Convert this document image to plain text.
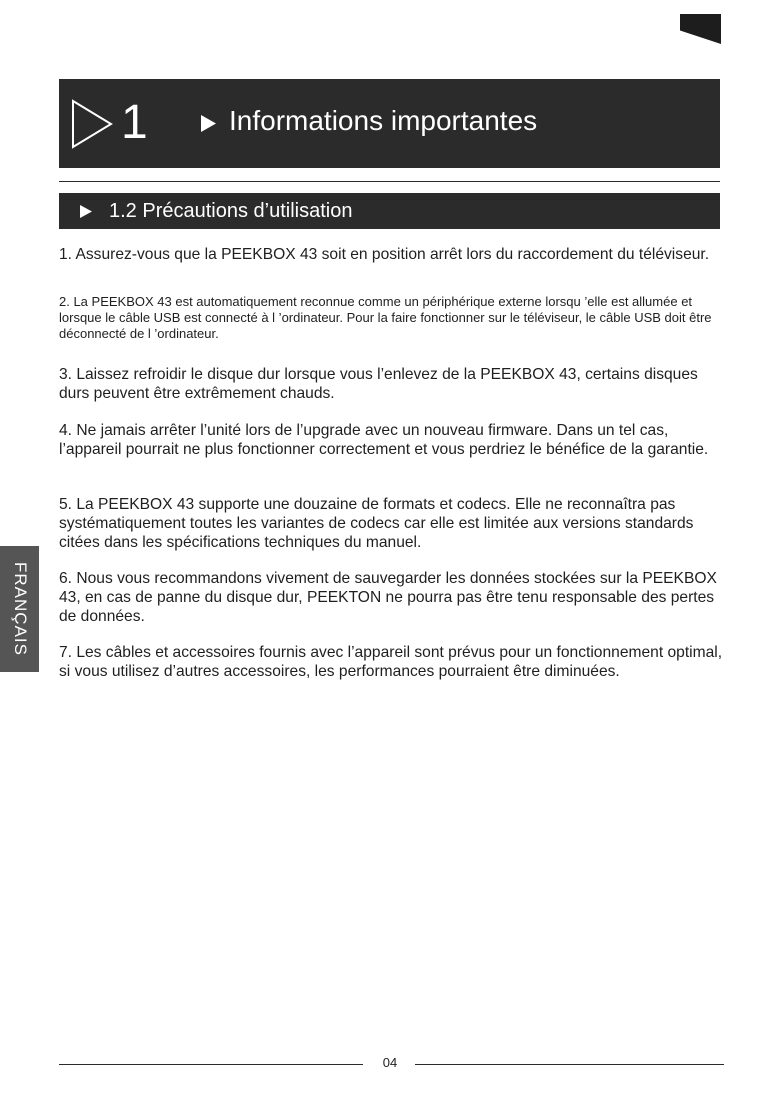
1	Informations importantes
1.2 Précautions d’utilisation
FRANÇAIS

1. Assurez-vous que la PEEKBOX 43 soit en position arrêt lors du raccordement du téléviseur.

2. La PEEKBOX 43 est automatiquement reconnue comme un périphérique externe lorsqu ’elle est allumée et lorsque le câble USB est connecté à l ’ordinateur. Pour la faire fonctionner sur le téléviseur, le câble USB doit être déconnecté de l ’ordinateur.

3. Laissez refroidir le disque dur lorsque vous l’enlevez de la PEEKBOX 43, certains disques durs peuvent être extrêmement chauds.

4. Ne jamais arrêter l’unité lors de l’upgrade avec un nouveau firmware. Dans un tel cas, l’appareil pourrait ne plus fonctionner correctement et vous perdriez le bénéfice de la garantie.

5. La PEEKBOX 43 supporte une douzaine de formats et codecs. Elle ne reconnaîtra pas systématiquement toutes les variantes de codecs car elle est limitée aux versions standards citées dans les spécifications techniques du manuel.

6. Nous vous recommandons vivement de sauvegarder les données stockées sur la PEEKBOX 43, en cas de panne du disque dur, PEEKTON ne pourra pas être tenu responsable des pertes de données.

7. Les câbles et accessoires fournis avec l’appareil sont prévus pour un fonctionnement optimal, si vous utilisez d’autres accessoires, les performances pourraient être diminuées.

04
